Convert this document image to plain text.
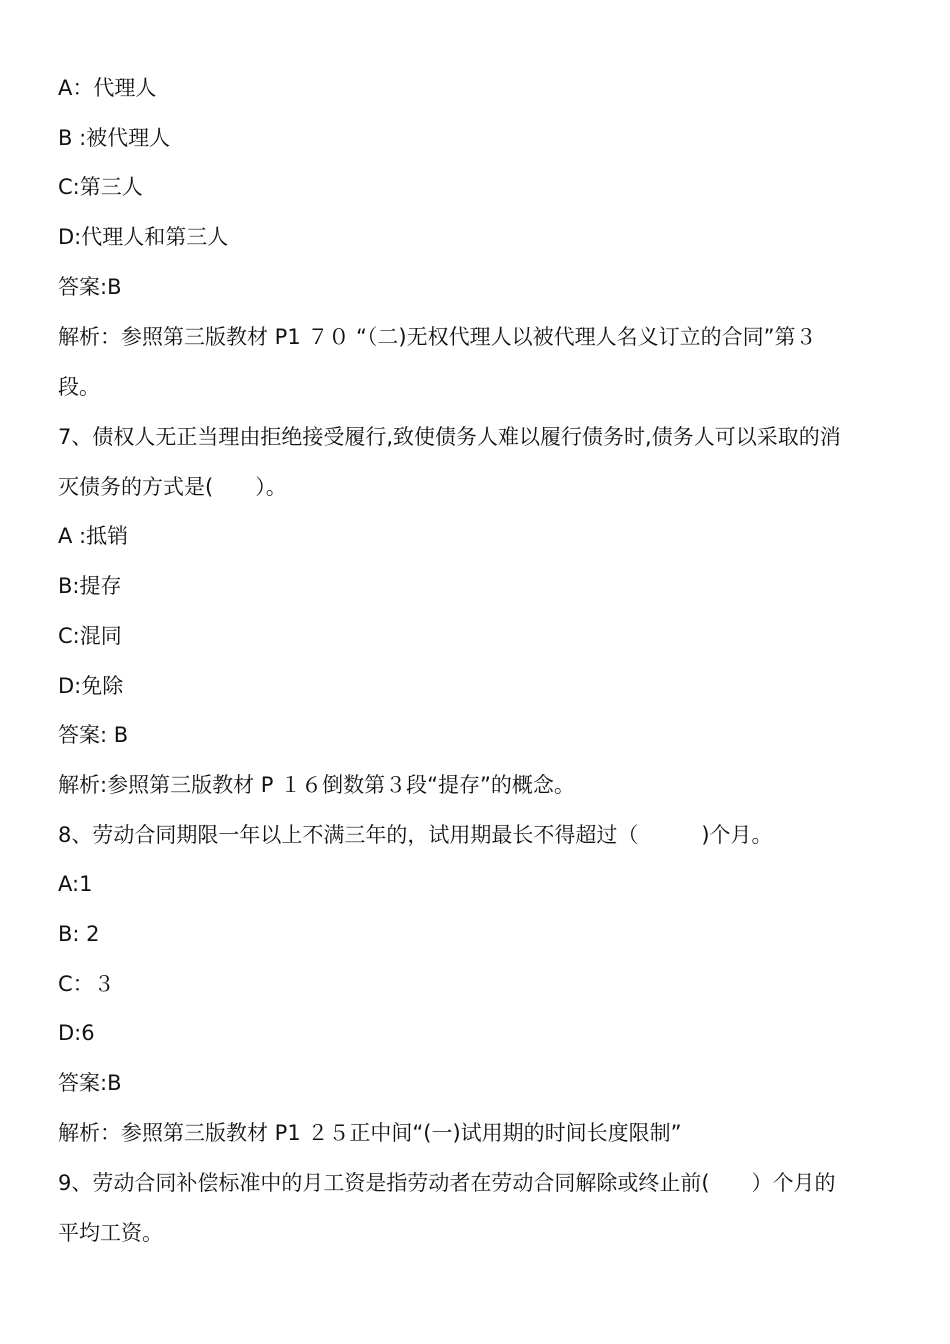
A：代理人
B :被代理人
C:第三人
D:代理人和第三人
答案:B
解析：参照第三版教材 P1 ７０ “（二)无权代理人以被代理人名义订立的合同”第３
段。
7、债权人无正当理由拒绝接受履行,致使债务人难以履行债务时,债务人可以采取的消
灭债务的方式是(　　）。
A :抵销
B:提存
C:混同
D:免除
答案: B
解析:参照第三版教材 P １６倒数第３段“提存”的概念。
8、劳动合同期限一年以上不满三年的，试用期最长不得超过（　　　)个月。
A:1
B: 2
C：３
D:6
答案:B
解析：参照第三版教材 P1 ２５正中间“(一)试用期的时间长度限制”
9、劳动合同补偿标准中的月工资是指劳动者在劳动合同解除或终止前(　　）个月的
平均工资。
